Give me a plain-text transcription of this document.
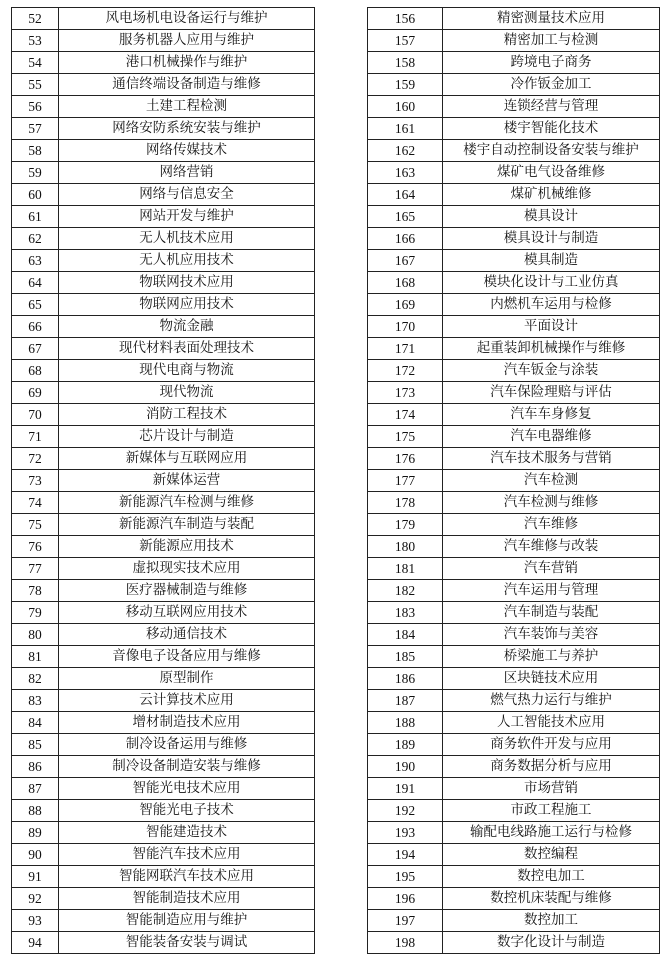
52	风电场机电设备运行与维护
53	服务机器人应用与维护
54	港口机械操作与维护
55	通信终端设备制造与维修
56	土建工程检测
57	网络安防系统安装与维护
58	网络传媒技术
59	网络营销
60	网络与信息安全
61	网站开发与维护
62	无人机技术应用
63	无人机应用技术
64	物联网技术应用
65	物联网应用技术
66	物流金融
67	现代材料表面处理技术
68	现代电商与物流
69	现代物流
70	消防工程技术
71	芯片设计与制造
72	新媒体与互联网应用
73	新媒体运营
74	新能源汽车检测与维修
75	新能源汽车制造与装配
76	新能源应用技术
77	虚拟现实技术应用
78	医疗器械制造与维修
79	移动互联网应用技术
80	移动通信技术
81	音像电子设备应用与维修
82	原型制作
83	云计算技术应用
84	增材制造技术应用
85	制冷设备运用与维修
86	制冷设备制造安装与维修
87	智能光电技术应用
88	智能光电子技术
89	智能建造技术
90	智能汽车技术应用
91	智能网联汽车技术应用
92	智能制造技术应用
93	智能制造应用与维护
94	智能装备安装与调试
156	精密测量技术应用
157	精密加工与检测
158	跨境电子商务
159	冷作钣金加工
160	连锁经营与管理
161	楼宇智能化技术
162	楼宇自动控制设备安装与维护
163	煤矿电气设备维修
164	煤矿机械维修
165	模具设计
166	模具设计与制造
167	模具制造
168	模块化设计与工业仿真
169	内燃机车运用与检修
170	平面设计
171	起重装卸机械操作与维修
172	汽车钣金与涂装
173	汽车保险理赔与评估
174	汽车车身修复
175	汽车电器维修
176	汽车技术服务与营销
177	汽车检测
178	汽车检测与维修
179	汽车维修
180	汽车维修与改装
181	汽车营销
182	汽车运用与管理
183	汽车制造与装配
184	汽车装饰与美容
185	桥梁施工与养护
186	区块链技术应用
187	燃气热力运行与维护
188	人工智能技术应用
189	商务软件开发与应用
190	商务数据分析与应用
191	市场营销
192	市政工程施工
193	输配电线路施工运行与检修
194	数控编程
195	数控电加工
196	数控机床装配与维修
197	数控加工
198	数字化设计与制造
